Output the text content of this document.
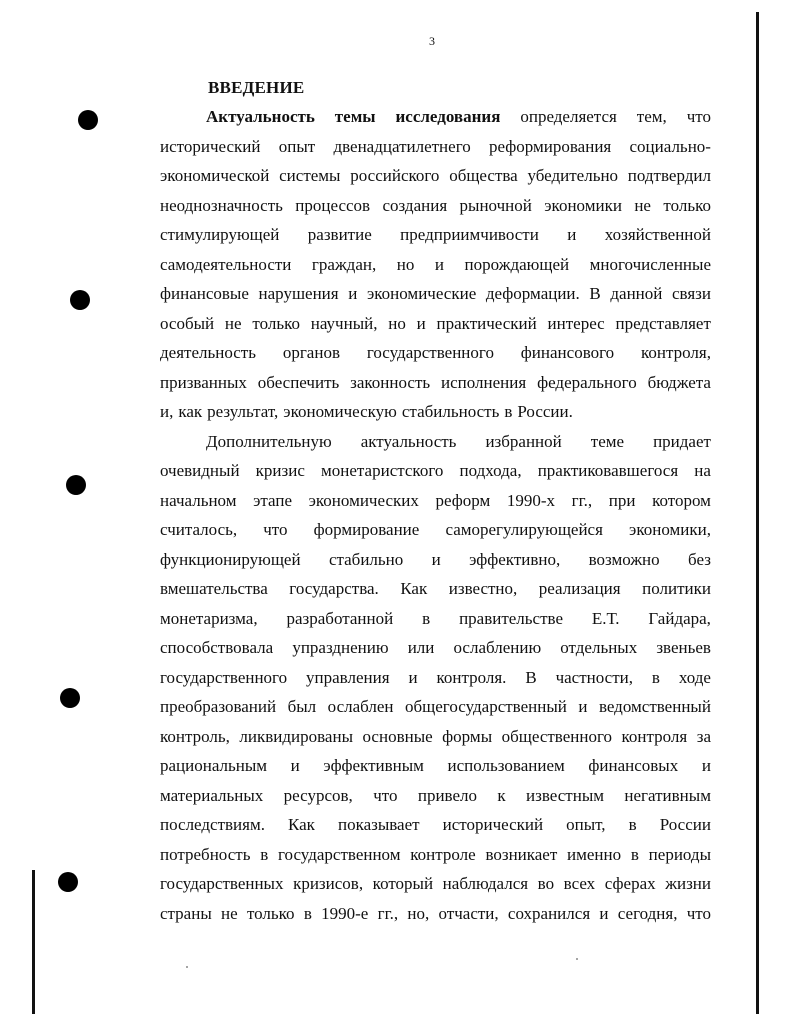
3
ВВЕДЕНИЕ
Актуальность темы исследования определяется тем, что
исторический опыт двенадцатилетнего реформирования социально-
экономической системы российского общества убедительно подтвердил
неоднозначность процессов создания рыночной экономики не только
стимулирующей развитие предприимчивости и хозяйственной
самодеятельности граждан, но и порождающей многочисленные
финансовые нарушения и экономические деформации. В данной связи
особый не только научный, но и практический интерес представляет
деятельность органов государственного финансового контроля,
призванных обеспечить законность исполнения федерального бюджета
и, как результат, экономическую стабильность в России.
Дополнительную актуальность избранной теме придает
очевидный кризис монетаристского подхода, практиковавшегося на
начальном этапе экономических реформ 1990-х гг., при котором
считалось, что формирование саморегулирующейся экономики,
функционирующей стабильно и эффективно, возможно без
вмешательства государства. Как известно, реализация политики
монетаризма, разработанной в правительстве Е.Т. Гайдара,
способствовала упразднению или ослаблению отдельных звеньев
государственного управления и контроля. В частности, в ходе
преобразований был ослаблен общегосударственный и ведомственный
контроль, ликвидированы основные формы общественного контроля за
рациональным и эффективным использованием финансовых и
материальных ресурсов, что привело к известным негативным
последствиям. Как показывает исторический опыт, в России
потребность в государственном контроле возникает именно в периоды
государственных кризисов, который наблюдался во всех сферах жизни
страны не только в 1990-е гг., но, отчасти, сохранился и сегодня, что
